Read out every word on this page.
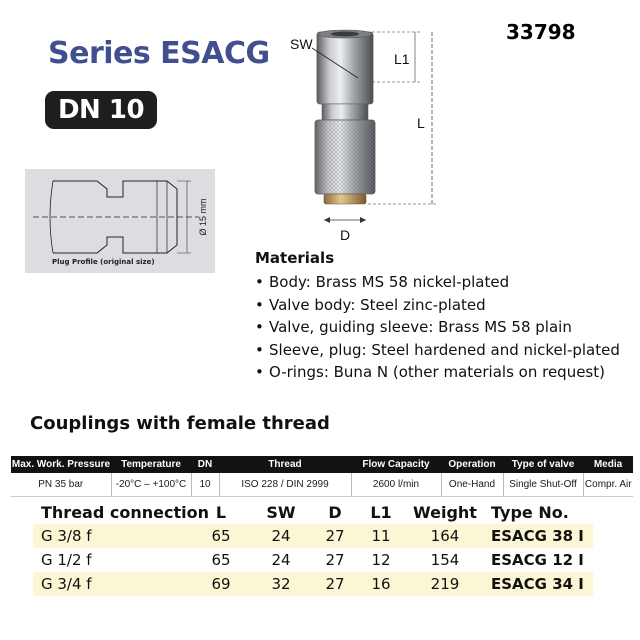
Series ESACG
DN 10
33798
SW
L1
L
D
Ø 15 mm
Plug Profile (original size)	Materials
• Body: Brass MS 58 nickel-plated
• Valve body: Steel zinc-plated
• Valve, guiding sleeve: Brass MS 58 plain
• Sleeve, plug: Steel hardened and nickel-plated
• O-rings: Buna N (other materials on request)
Couplings with female thread
Max. Work. Pressure	Temperature	DN	Thread	Flow Capacity	Operation	Type of valve	Media
PN 35 bar	-20°C – +100°C	10	ISO 228 / DIN 2999	2600 l/min	One-Hand	Single Shut-Off	Compr. Air
Thread connection	L	SW	D	L1	Weight	Type No.
G 3/8 f	65	24	27	11	164	ESACG 38 I
G 1/2 f	65	24	27	12	154	ESACG 12 I
G 3/4 f	69	32	27	16	219	ESACG 34 I
